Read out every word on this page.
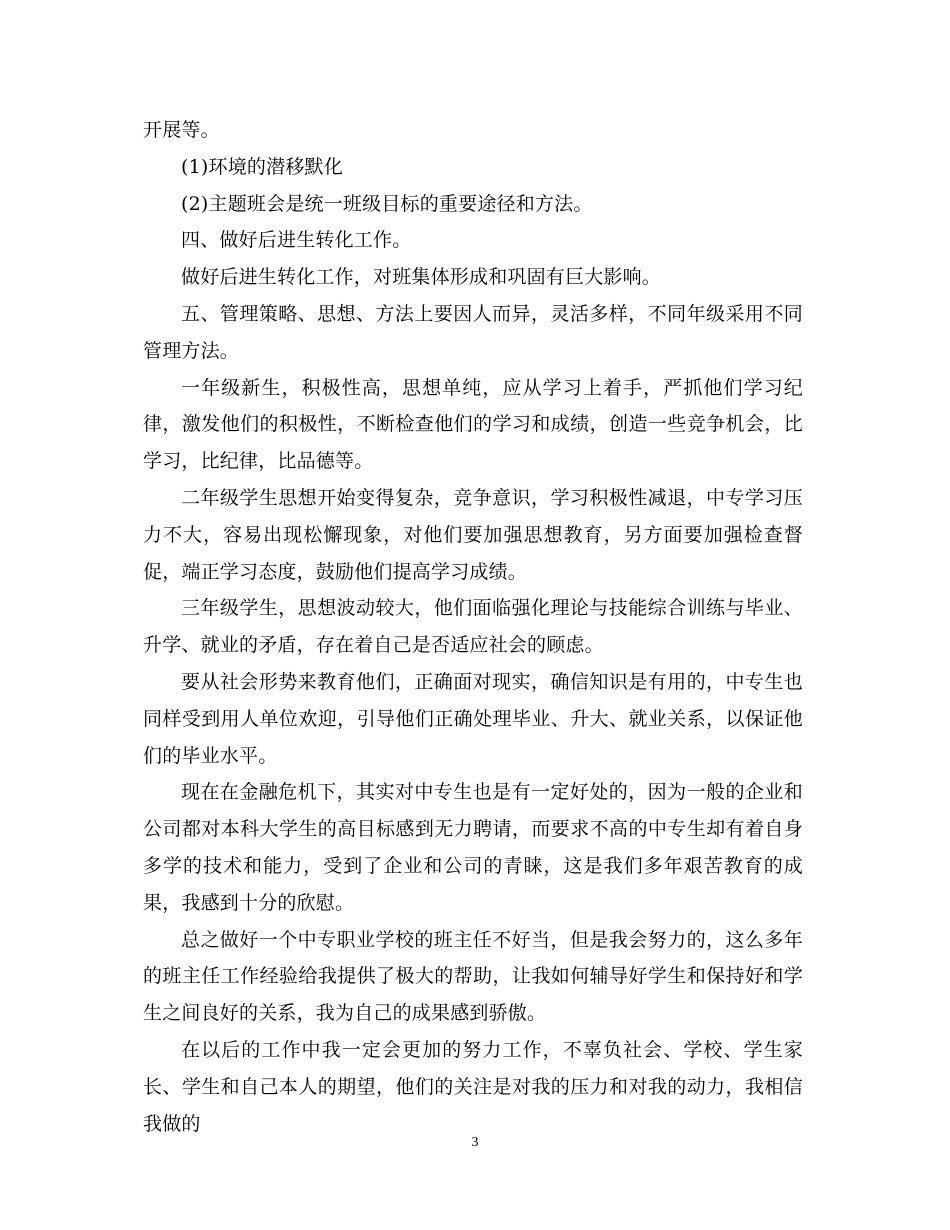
开展等。

(1)环境的潜移默化

(2)主题班会是统一班级目标的重要途径和方法。

四、做好后进生转化工作。

做好后进生转化工作，对班集体形成和巩固有巨大影响。

五、管理策略、思想、方法上要因人而异，灵活多样，不同年级采用不同管理方法。

一年级新生，积极性高，思想单纯，应从学习上着手，严抓他们学习纪律，激发他们的积极性，不断检查他们的学习和成绩，创造一些竞争机会，比学习，比纪律，比品德等。

二年级学生思想开始变得复杂，竞争意识，学习积极性减退，中专学习压力不大，容易出现松懈现象，对他们要加强思想教育，另方面要加强检查督促，端正学习态度，鼓励他们提高学习成绩。

三年级学生，思想波动较大，他们面临强化理论与技能综合训练与毕业、升学、就业的矛盾，存在着自己是否适应社会的顾虑。

要从社会形势来教育他们，正确面对现实，确信知识是有用的，中专生也同样受到用人单位欢迎，引导他们正确处理毕业、升大、就业关系，以保证他们的毕业水平。

现在在金融危机下，其实对中专生也是有一定好处的，因为一般的企业和公司都对本科大学生的高目标感到无力聘请，而要求不高的中专生却有着自身多学的技术和能力，受到了企业和公司的青睐，这是我们多年艰苦教育的成果，我感到十分的欣慰。

总之做好一个中专职业学校的班主任不好当，但是我会努力的，这么多年的班主任工作经验给我提供了极大的帮助，让我如何辅导好学生和保持好和学生之间良好的关系，我为自己的成果感到骄傲。

在以后的工作中我一定会更加的努力工作，不辜负社会、学校、学生家长、学生和自己本人的期望，他们的关注是对我的压力和对我的动力，我相信我做的

3
